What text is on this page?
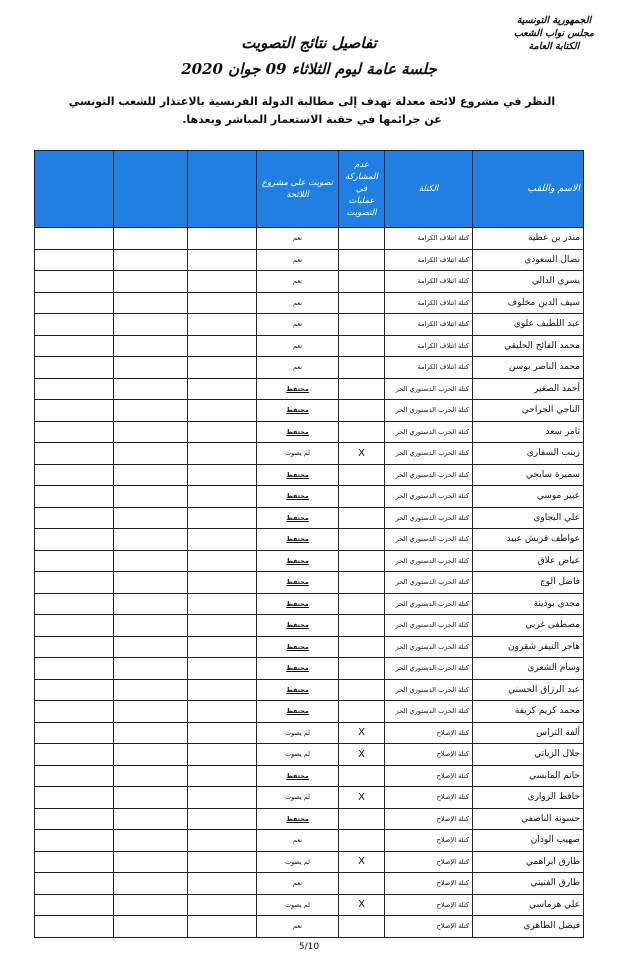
الجمهورية التونسية
مجلس نواب الشعب
الكتابة العامة
تفاصيل نتائج التصويت
جلسة عامة ليوم الثلاثاء 09 جوان 2020
النظر في مشروع لائحة معدلة تهدف إلى مطالبة الدولة الفرنسية بالاعتذار للشعب التونسي
عن جرائمها في حقبة الاستعمار المباشر وبعدها.
الاسم واللقب	الكتلة	عدم المشاركة في عمليات التصويت	تصويت على مشروع اللائحة			
منذر بن عطية	كتلة ائتلاف الكرامة		نعم			
نضال السعودي	كتلة ائتلاف الكرامة		نعم			
يسري الدالي	كتلة ائتلاف الكرامة		نعم			
سيف الدين مخلوف	كتلة ائتلاف الكرامة		نعم			
عبد اللطيف علوي	كتلة ائتلاف الكرامة		نعم			
محمد الفائح الحليقي	كتلة ائتلاف الكرامة		نعم			
محمد الناصر بوسن	كتلة ائتلاف الكرامة		نعم			
أحمد الصغير	كتلة الحزب الدستوري الحر		محتفظ			
الناجي الجراحي	كتلة الحزب الدستوري الحر		محتفظ			
ثامر سعد	كتلة الحزب الدستوري الحر		محتفظ			
زينب السفاري	كتلة الحزب الدستوري الحر	X	لم يصوت			
سميرة سايحي	كتلة الحزب الدستوري الحر		محتفظ			
عبير موسي	كتلة الحزب الدستوري الحر		محتفظ			
علي البجاوي	كتلة الحزب الدستوري الحر		محتفظ			
عواطف قريش عبيد	كتلة الحزب الدستوري الحر		محتفظ			
عياض علاق	كتلة الحزب الدستوري الحر		محتفظ			
فاضل الوج	كتلة الحزب الدستوري الحر		محتفظ			
مجدي بوذينة	كتلة الحزب الدستوري الحر		محتفظ			
مصطفى غربي	كتلة الحزب الدستوري الحر		محتفظ			
هاجر النيفر شقرون	كتلة الحزب الدستوري الحر		محتفظ			
وسام الشعري	كتلة الحزب الدستوري الحر		محتفظ			
عبد الرزاق الحسني	كتلة الحزب الدستوري الحر		محتفظ			
محمد كريم كريفة	كتلة الحزب الدستوري الحر		محتفظ			
ألفة التراس	كتلة الإصلاح	X	لم يصوت			
جلال الزياتي	كتلة الإصلاح	X	لم يصوت			
حاتم المانسي	كتلة الإصلاح		محتفظ			
حافظ الزواري	كتلة الإصلاح	X	لم يصوت			
حسونة الناصفي	كتلة الإصلاح		محتفظ			
صهيب الوذان	كتلة الإصلاح		نعم			
طارق ابراهمي	كتلة الإصلاح	X	لم يصوت			
طارق الفتيتي	كتلة الإصلاح		نعم			
علي هرماسي	كتلة الإصلاح	X	لم يصوت			
فيصل الطاهري	كتلة الإصلاح		نعم			
5/10
